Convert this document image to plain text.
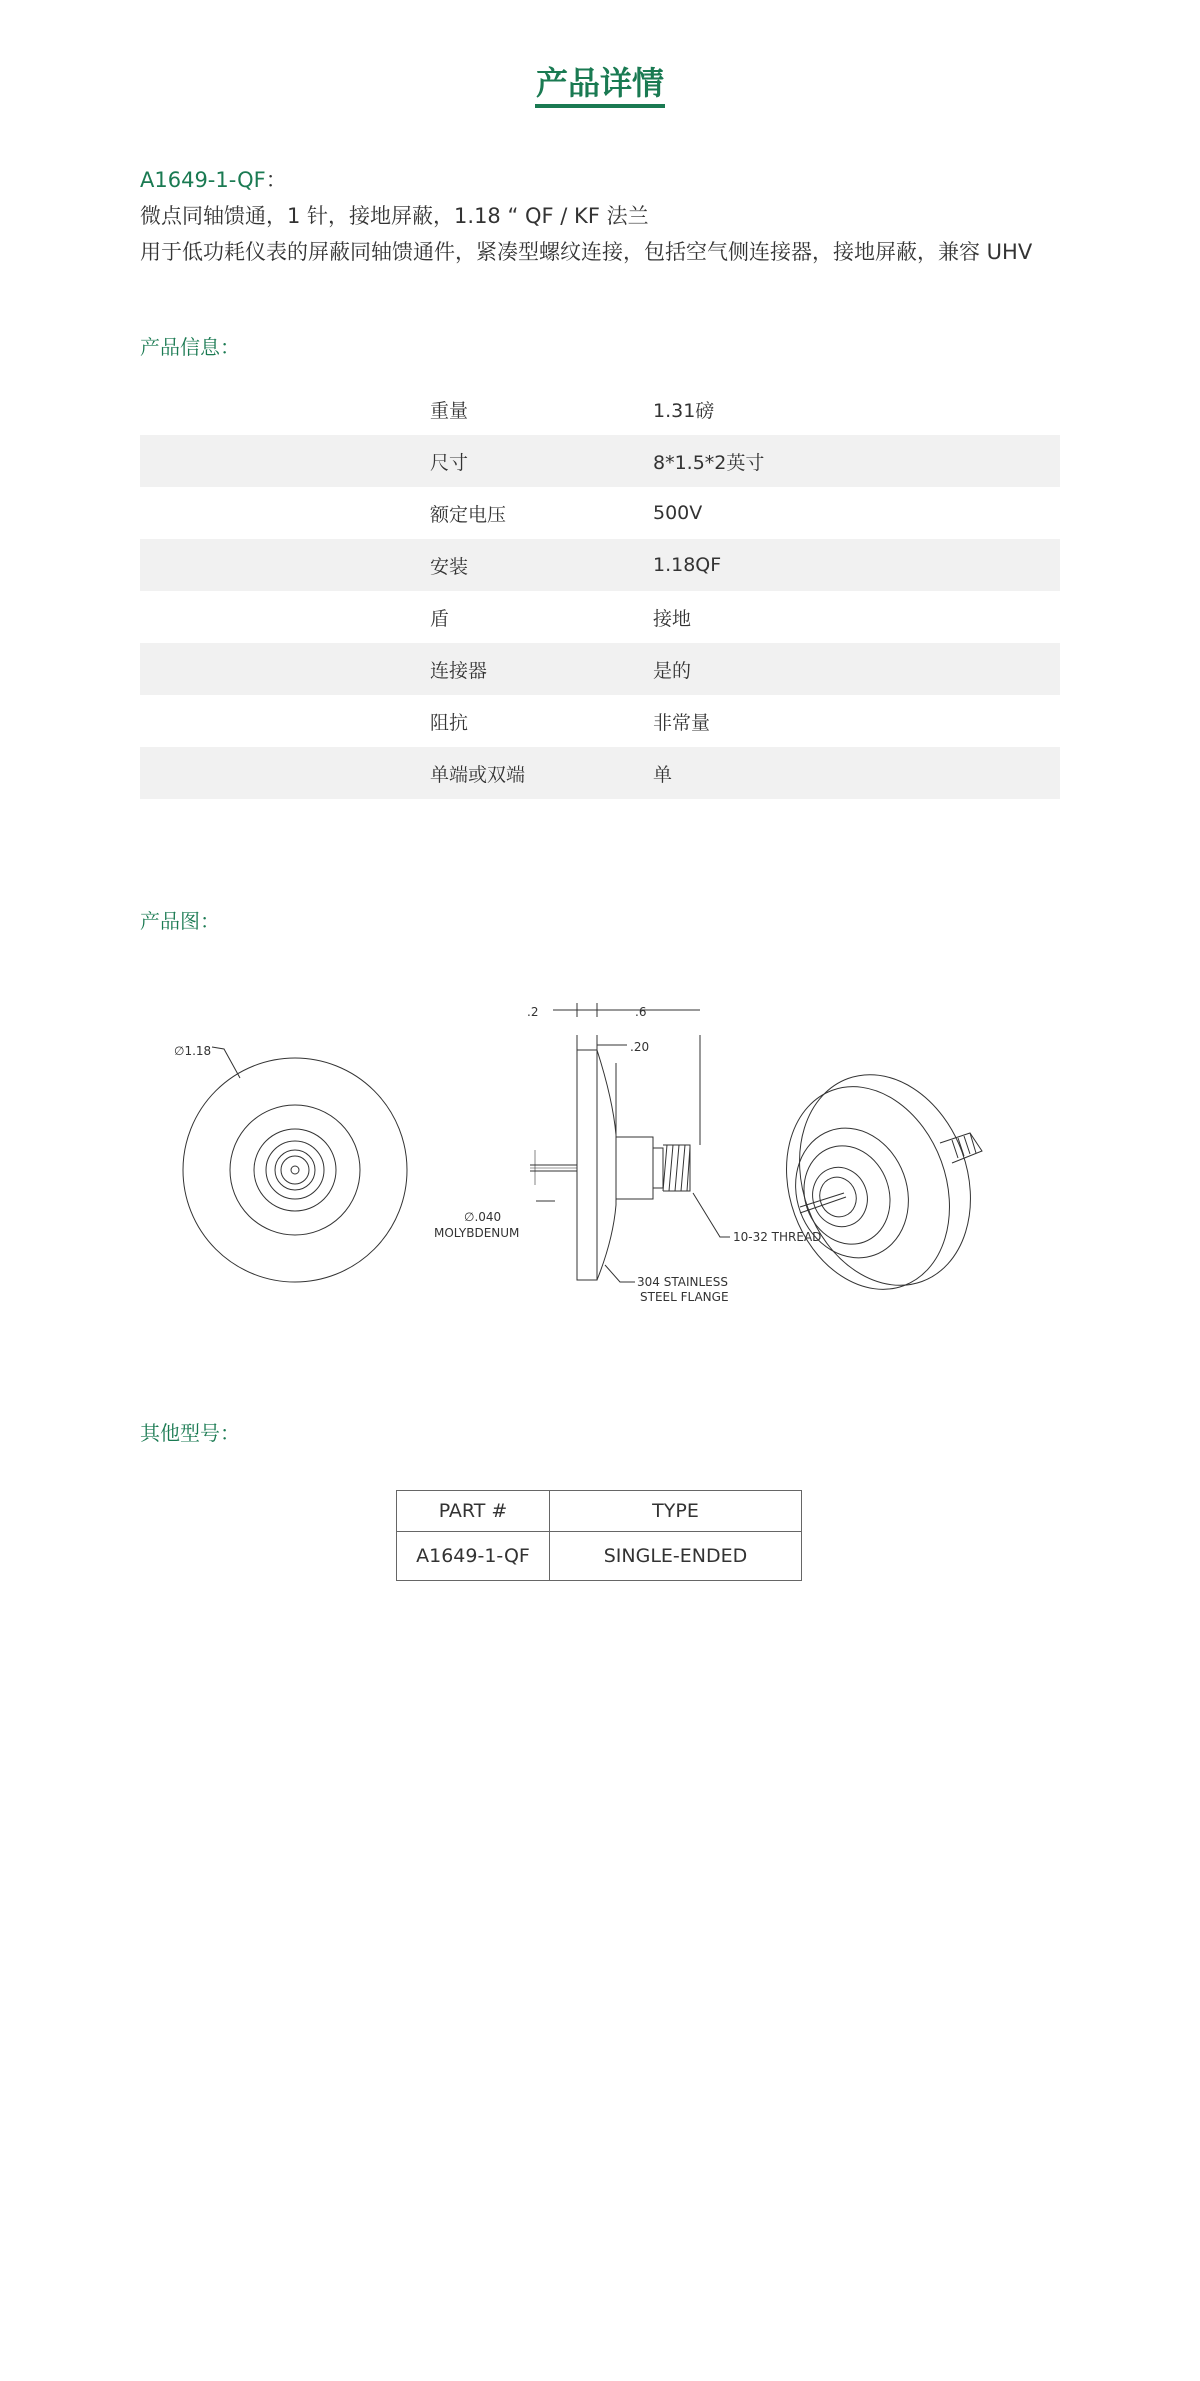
产品详情
A1649-1-QF：
微点同轴馈通，1 针，接地屏蔽，1.18 “ QF / KF 法兰
用于低功耗仪表的屏蔽同轴馈通件，紧凑型螺纹连接，包括空气侧连接器，接地屏蔽，兼容 UHV
产品信息：
	重量	1.31磅
	尺寸	8*1.5*2英寸
	额定电压	500V
	安装	1.18QF
	盾	接地
	连接器	是的
	阻抗	非常量
	单端或双端	单
产品图：
∅1.18
.2	.6
.20
∅.040
MOLYBDENUM	10-32 THREAD
304 STAINLESS
STEEL FLANGE
其他型号：
PART #	TYPE
A1649-1-QF	SINGLE-ENDED
